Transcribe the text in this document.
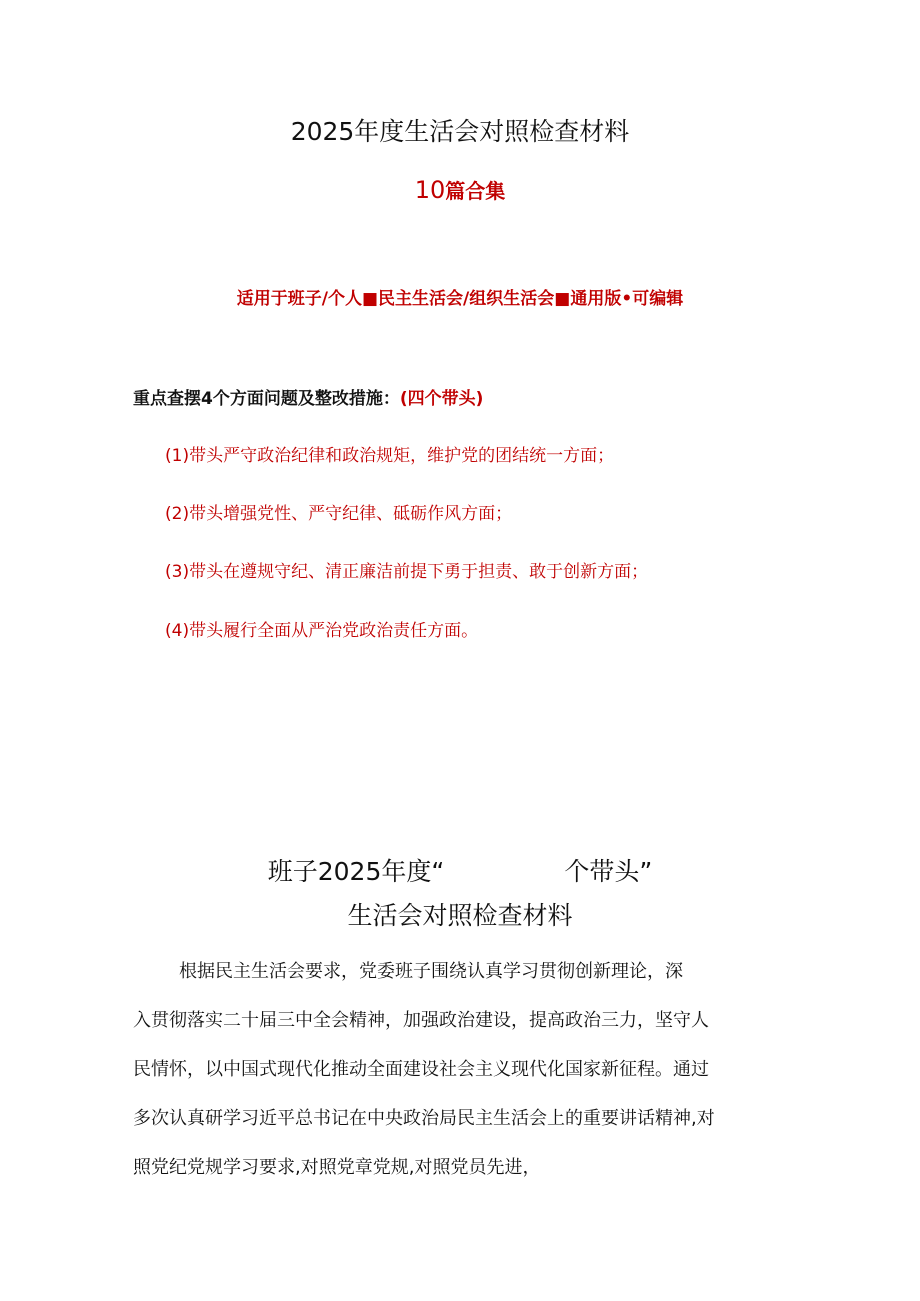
2025年度生活会对照检查材料
10篇合集
适用于班子/个人■民主生活会/组织生活会■通用版•可编辑
重点查摆4个方面问题及整改措施：(四个带头)
(1)带头严守政治纪律和政治规矩，维护党的团结统一方面；
(2)带头增强党性、严守纪律、砥砺作风方面；
(3)带头在遵规守纪、清正廉洁前提下勇于担责、敢于创新方面；
(4)带头履行全面从严治党政治责任方面。
班子2025年度“	个带头”
生活会对照检查材料
根据民主生活会要求，党委班子围绕认真学习贯彻创新理论，深
入贯彻落实二十届三中全会精神，加强政治建设，提高政治三力，坚守人
民情怀，以中国式现代化推动全面建设社会主义现代化国家新征程。通过
多次认真研学习近平总书记在中央政治局民主生活会上的重要讲话精神,对
照党纪党规学习要求,对照党章党规,对照党员先进，
